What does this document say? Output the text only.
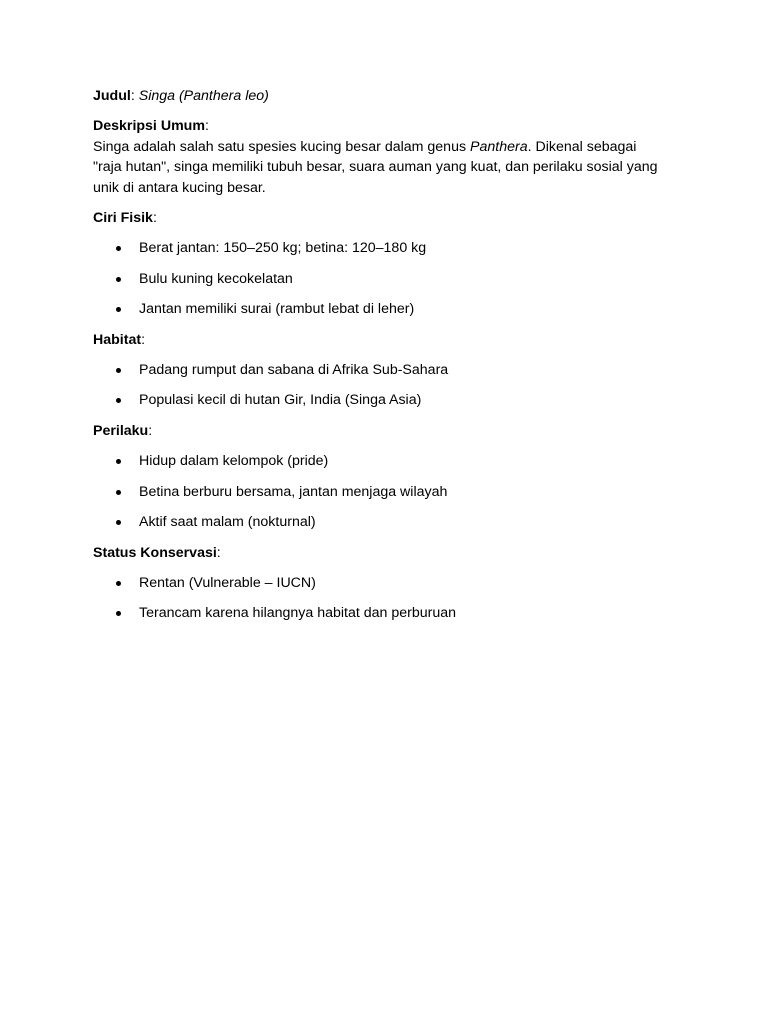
Judul: Singa (Panthera leo)

Deskripsi Umum:
Singa adalah salah satu spesies kucing besar dalam genus Panthera. Dikenal sebagai "raja hutan", singa memiliki tubuh besar, suara auman yang kuat, dan perilaku sosial yang unik di antara kucing besar.

Ciri Fisik:

Berat jantan: 150–250 kg; betina: 120–180 kg
Bulu kuning kecokelatan
Jantan memiliki surai (rambut lebat di leher)

Habitat:

Padang rumput dan sabana di Afrika Sub-Sahara
Populasi kecil di hutan Gir, India (Singa Asia)

Perilaku:

Hidup dalam kelompok (pride)
Betina berburu bersama, jantan menjaga wilayah
Aktif saat malam (nokturnal)

Status Konservasi:

Rentan (Vulnerable – IUCN)
Terancam karena hilangnya habitat dan perburuan
